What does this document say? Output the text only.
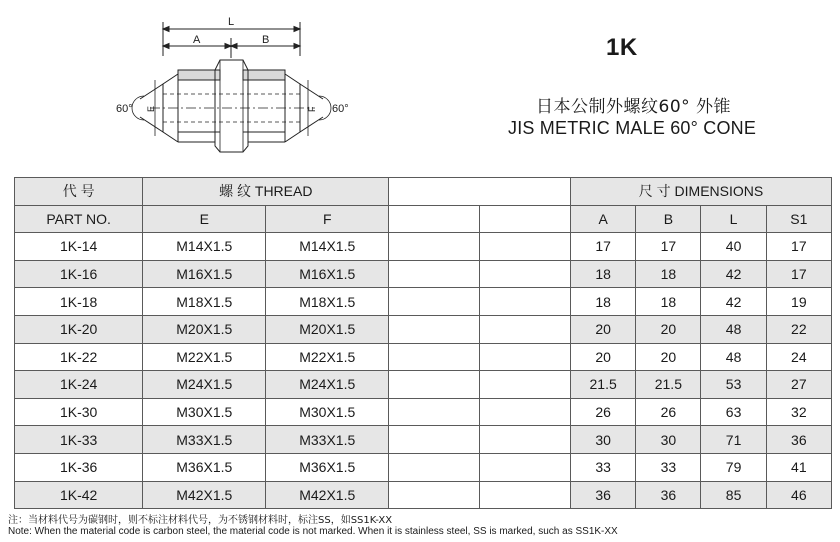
L
A	B
E	F
60°	60°
1K
日本公制外螺纹60° 外锥
JIS METRIC MALE 60° CONE
代 号	螺 纹 THREAD				尺 寸 DIMENSIONS			
PART NO.	E	F			A	B	L	S1
1K-14	M14X1.5	M14X1.5			17	17	40	17
1K-16	M16X1.5	M16X1.5			18	18	42	17
1K-18	M18X1.5	M18X1.5			18	18	42	19
1K-20	M20X1.5	M20X1.5			20	20	48	22
1K-22	M22X1.5	M22X1.5			20	20	48	24
1K-24	M24X1.5	M24X1.5			21.5	21.5	53	27
1K-30	M30X1.5	M30X1.5			26	26	63	32
1K-33	M33X1.5	M33X1.5			30	30	71	36
1K-36	M36X1.5	M36X1.5			33	33	79	41
1K-42	M42X1.5	M42X1.5			36	36	85	46
注：当材料代号为碳钢时，则不标注材料代号，为不锈钢材料时，标注SS，如SS1K-XX
Note: When the material code is carbon steel, the material code is not marked. When it is stainless steel, SS is marked, such as SS1K-XX
